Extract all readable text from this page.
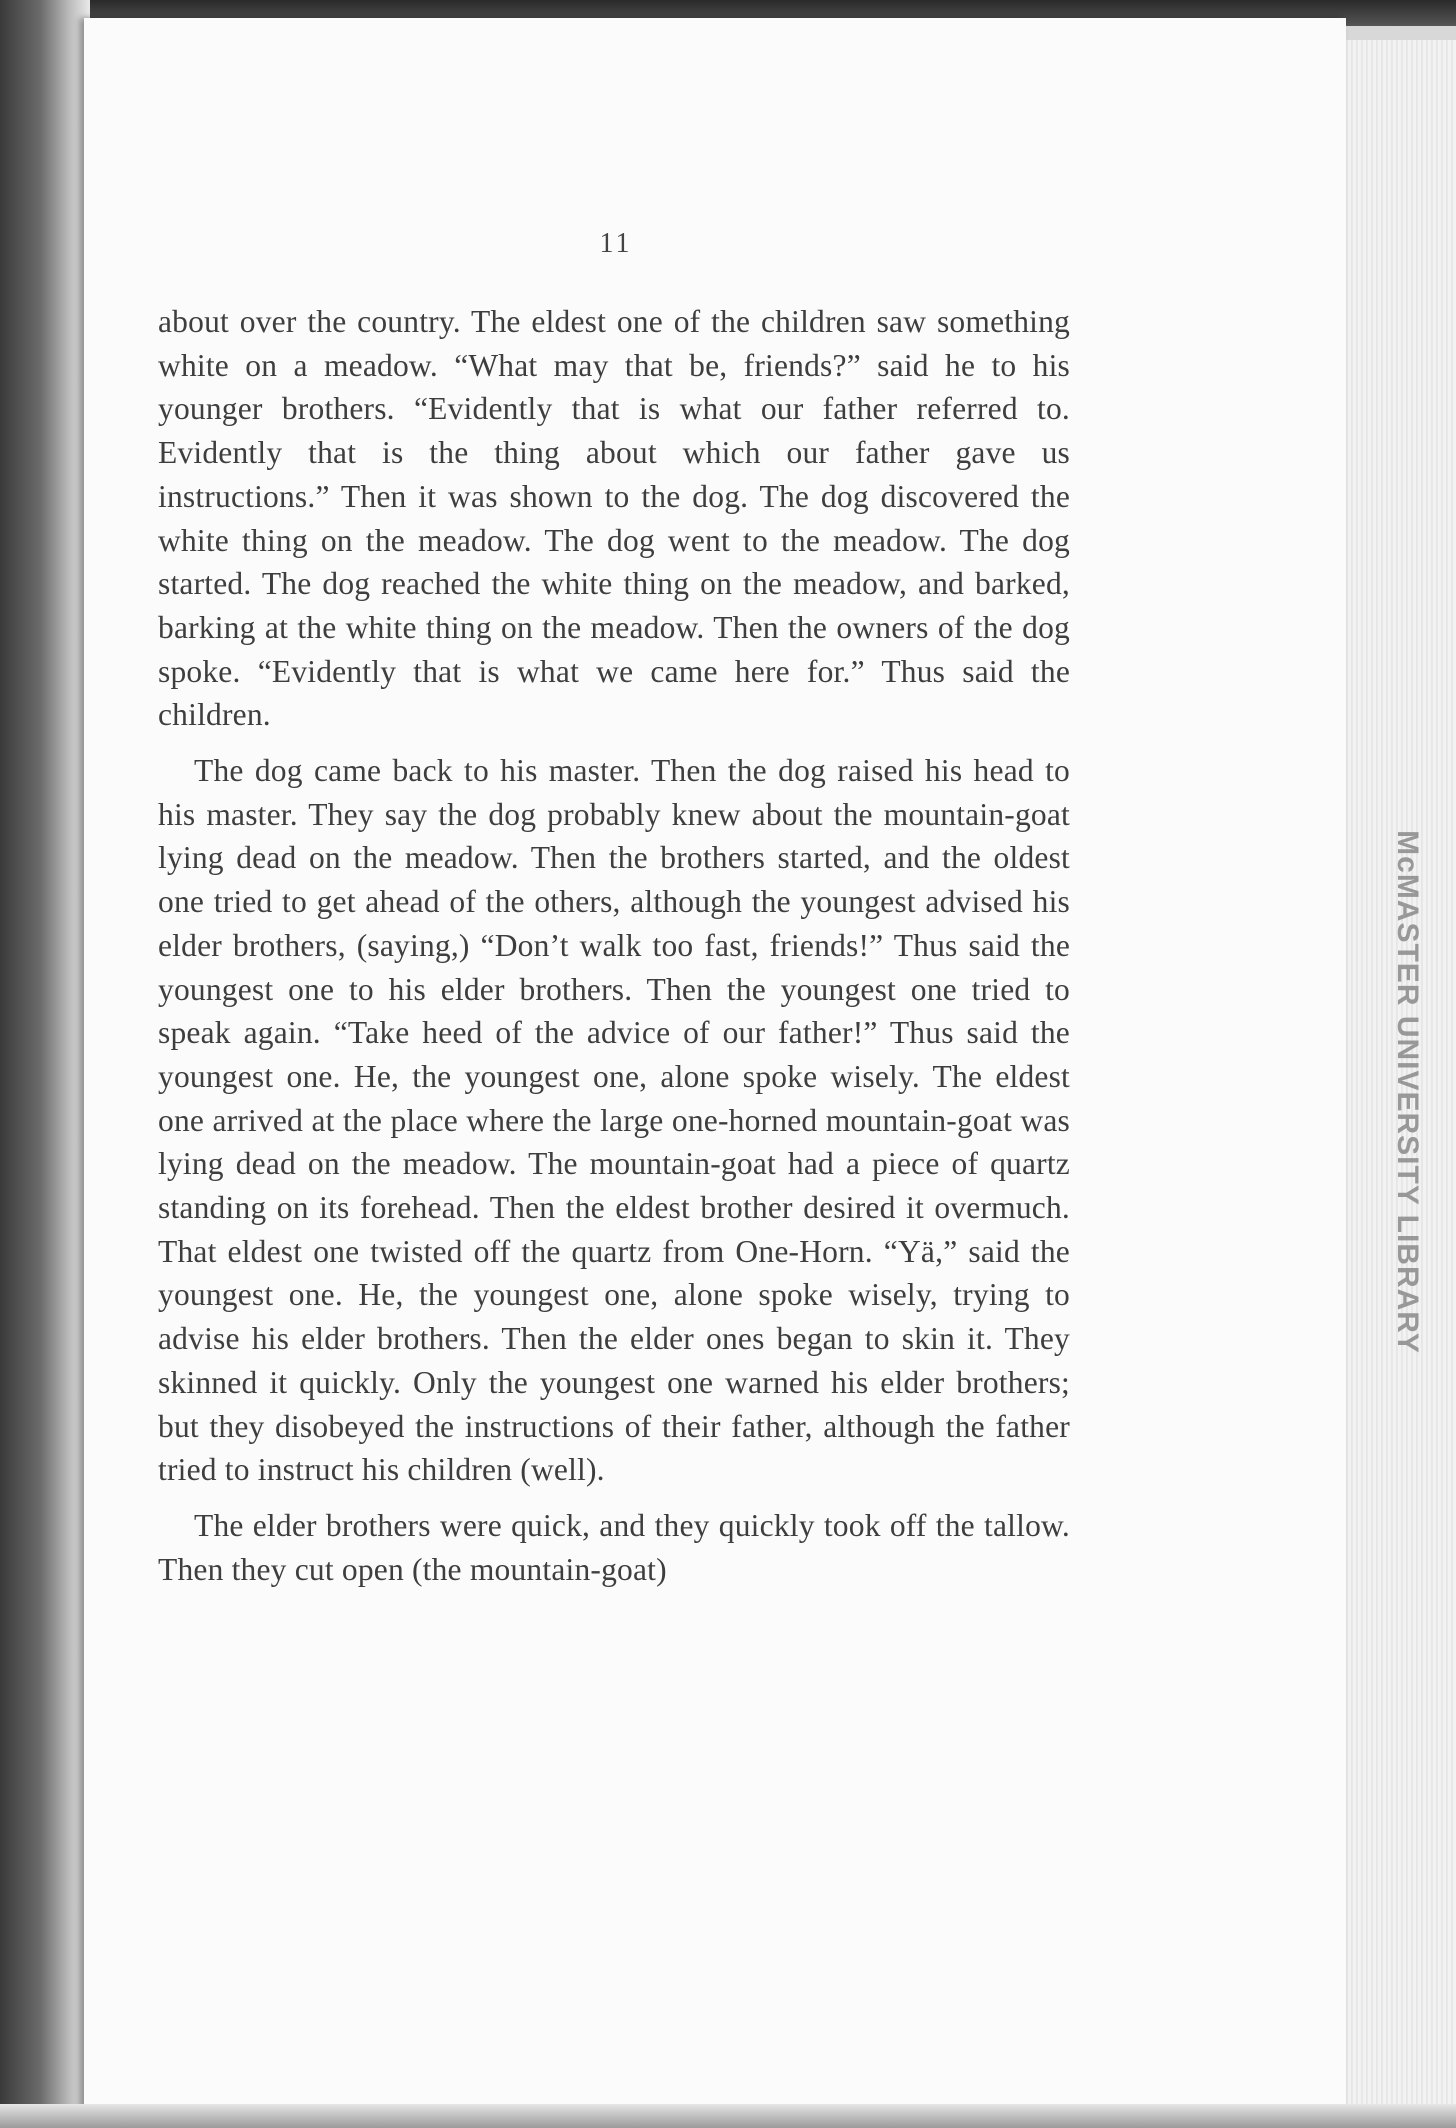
11

about over the country. The eldest one of the children saw something white on a meadow. “What may that be, friends?” said he to his younger brothers. “Evidently that is what our father referred to. Evidently that is the thing about which our father gave us instructions.” Then it was shown to the dog. The dog discovered the white thing on the meadow. The dog went to the meadow. The dog started. The dog reached the white thing on the meadow, and barked, barking at the white thing on the meadow. Then the owners of the dog spoke. “Evidently that is what we came here for.” Thus said the children.

The dog came back to his master. Then the dog raised his head to his master. They say the dog probably knew about the mountain-goat lying dead on the meadow. Then the brothers started, and the oldest one tried to get ahead of the others, although the youngest advised his elder brothers, (saying,) “Don’t walk too fast, friends!” Thus said the youngest one to his elder brothers. Then the youngest one tried to speak again. “Take heed of the advice of our father!” Thus said the youngest one. He, the youngest one, alone spoke wisely. The eldest one arrived at the place where the large one-horned mountain-goat was lying dead on the meadow. The mountain-goat had a piece of quartz standing on its forehead. Then the eldest brother desired it overmuch. That eldest one twisted off the quartz from One-Horn. “Yä,” said the youngest one. He, the youngest one, alone spoke wisely, trying to advise his elder brothers. Then the elder ones began to skin it. They skinned it quickly. Only the youngest one warned his elder brothers; but they disobeyed the instructions of their father, although the father tried to instruct his children (well).

The elder brothers were quick, and they quickly took off the tallow. Then they cut open (the mountain-goat)

McMASTER UNIVERSITY LIBRARY
